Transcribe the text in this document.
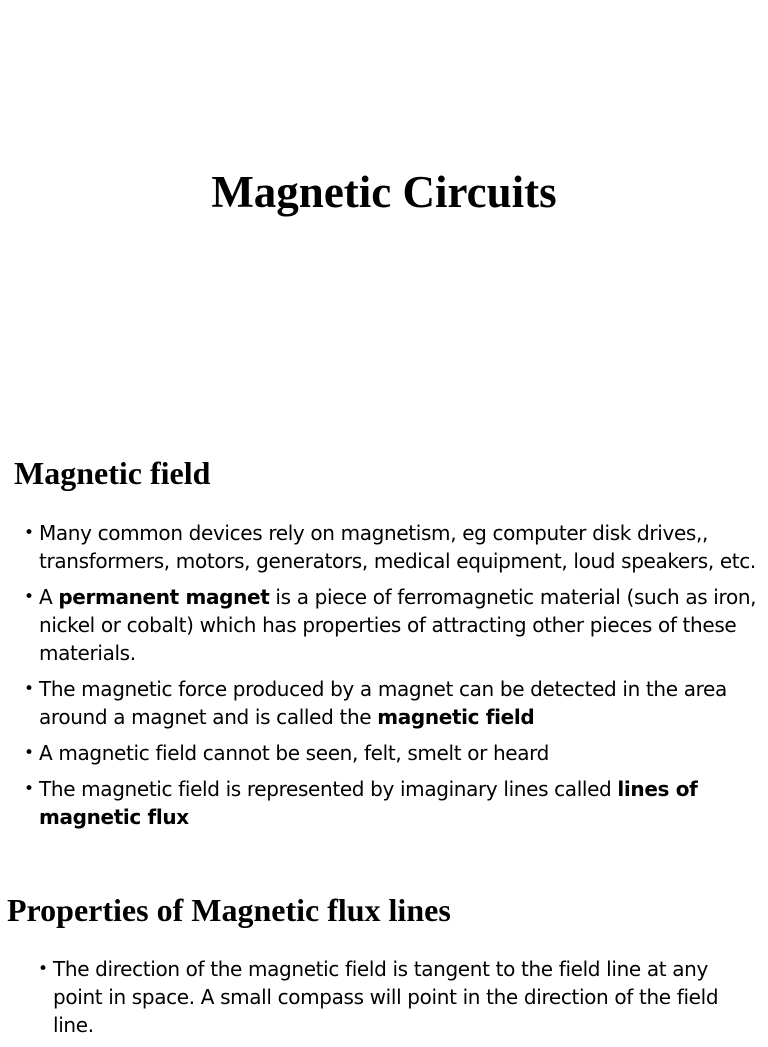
Magnetic Circuits
Magnetic field
• Many common devices rely on magnetism, eg computer disk drives,, transformers, motors, generators, medical equipment, loud speakers, etc.
• A permanent magnet is a piece of ferromagnetic material (such as iron, nickel or cobalt) which has properties of attracting other pieces of these materials.
• The magnetic force produced by a magnet can be detected in the area around a magnet and is called the magnetic field
• A magnetic field cannot be seen, felt, smelt or heard
• The magnetic field is represented by imaginary lines called lines of magnetic flux
Properties of Magnetic flux lines
• The direction of the magnetic field is tangent to the field line at any point in space. A small compass will point in the direction of the field line.
